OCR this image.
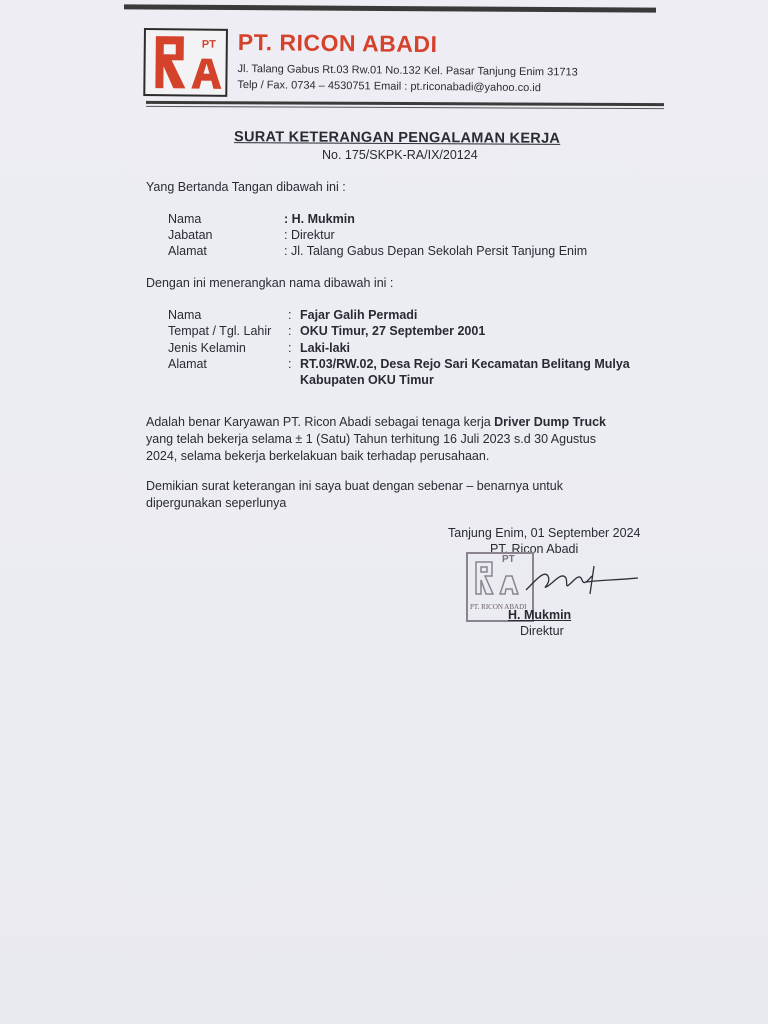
PT PT. RICON ABADI
Jl. Talang Gabus Rt.03 Rw.01 No.132 Kel. Pasar Tanjung Enim 31713
Telp / Fax. 0734 – 4530751 Email : pt.riconabadi@yahoo.co.id
SURAT KETERANGAN PENGALAMAN KERJA
No. 175/SKPK-RA/IX/20124
Yang Bertanda Tangan dibawah ini :
Nama	: H. Mukmin
Jabatan	: Direktur
Alamat	: Jl. Talang Gabus Depan Sekolah Persit Tanjung Enim
Dengan ini menerangkan nama dibawah ini :
Nama	: Fajar Galih Permadi
Tempat / Tgl. Lahir : OKU Timur, 27 September 2001
Jenis Kelamin	: Laki-laki
Alamat	: RT.03/RW.02, Desa Rejo Sari Kecamatan Belitang Mulya
Kabupaten OKU Timur
Adalah benar Karyawan PT. Ricon Abadi sebagai tenaga kerja Driver Dump Truck
yang telah bekerja selama ± 1 (Satu) Tahun terhitung 16 Juli 2023 s.d 30 Agustus
2024, selama bekerja berkelakuan baik terhadap perusahaan.
Demikian surat keterangan ini saya buat dengan sebenar – benarnya untuk
dipergunakan seperlunya
Tanjung Enim, 01 September 2024
PT. Ricon Abadi
PT
PT. RICON ABADI
H. Mukmin
Direktur
